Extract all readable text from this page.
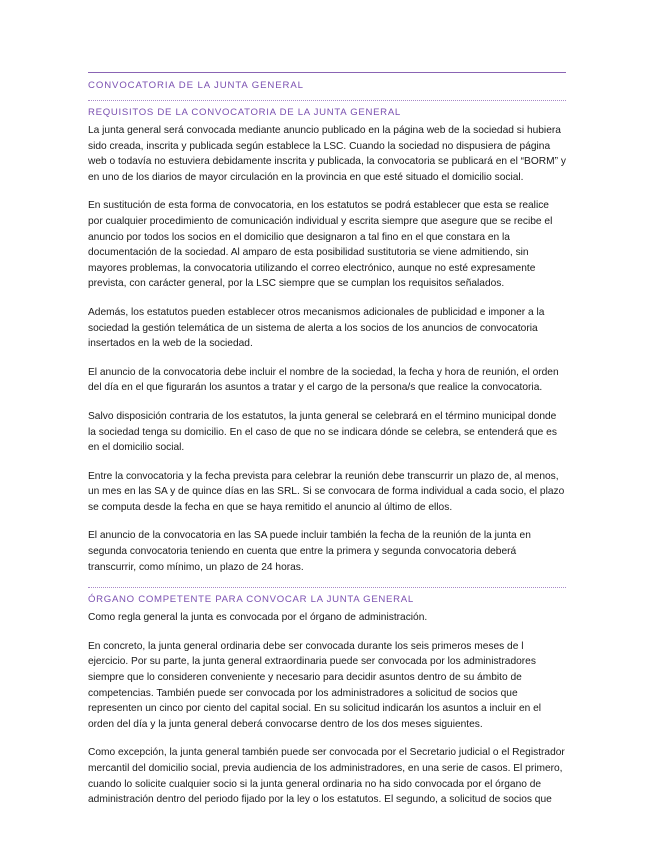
CONVOCATORIA DE LA JUNTA GENERAL
REQUISITOS DE LA CONVOCATORIA DE LA JUNTA GENERAL

La junta general será convocada mediante anuncio publicado en la página web de la sociedad si hubiera sido creada, inscrita y publicada según establece la LSC. Cuando la sociedad no dispusiera de página web o todavía no estuviera debidamente inscrita y publicada, la convocatoria se publicará en el “BORM” y en uno de los diarios de mayor circulación en la provincia en que esté situado el domicilio social.

En sustitución de esta forma de convocatoria, en los estatutos se podrá establecer que esta se realice por cualquier procedimiento de comunicación individual y escrita siempre que asegure que se recibe el anuncio por todos los socios en el domicilio que designaron a tal fino en el que constara en la documentación de la sociedad. Al amparo de esta posibilidad sustitutoria se viene admitiendo, sin mayores problemas, la convocatoria utilizando el correo electrónico, aunque no esté expresamente prevista, con carácter general, por la LSC siempre que se cumplan los requisitos señalados.

Además, los estatutos pueden establecer otros mecanismos adicionales de publicidad e imponer a la sociedad la gestión telemática de un sistema de alerta a los socios de los anuncios de convocatoria insertados en la web de la sociedad.

El anuncio de la convocatoria debe incluir el nombre de la sociedad, la fecha y hora de reunión, el orden del día en el que figurarán los asuntos a tratar y el cargo de la persona/s que realice la convocatoria.

Salvo disposición contraria de los estatutos, la junta general se celebrará en el término municipal donde la sociedad tenga su domicilio. En el caso de que no se indicara dónde se celebra, se entenderá que es en el domicilio social.

Entre la convocatoria y la fecha prevista para celebrar la reunión debe transcurrir un plazo de, al menos, un mes en las SA y de quince días en las SRL. Si se convocara de forma individual a cada socio, el plazo se computa desde la fecha en que se haya remitido el anuncio al último de ellos.

El anuncio de la convocatoria en las SA puede incluir también la fecha de la reunión de la junta en segunda convocatoria teniendo en cuenta que entre la primera y segunda convocatoria deberá transcurrir, como mínimo, un plazo de 24 horas.

ÓRGANO COMPETENTE PARA CONVOCAR LA JUNTA GENERAL

Como regla general la junta es convocada por el órgano de administración.

En concreto, la junta general ordinaria debe ser convocada durante los seis primeros meses de l ejercicio. Por su parte, la junta general extraordinaria puede ser convocada por los administradores siempre que lo consideren conveniente y necesario para decidir asuntos dentro de su ámbito de competencias. También puede ser convocada por los administradores a solicitud de socios que representen un cinco por ciento del capital social. En su solicitud indicarán los asuntos a incluir en el orden del día y la junta general deberá convocarse dentro de los dos meses siguientes.

Como excepción, la junta general también puede ser convocada por el Secretario judicial o el Registrador mercantil del domicilio social, previa audiencia de los administradores, en una serie de casos. El primero, cuando lo solicite cualquier socio si la junta general ordinaria no ha sido convocada por el órgano de administración dentro del periodo fijado por la ley o los estatutos. El segundo, a solicitud de socios que
